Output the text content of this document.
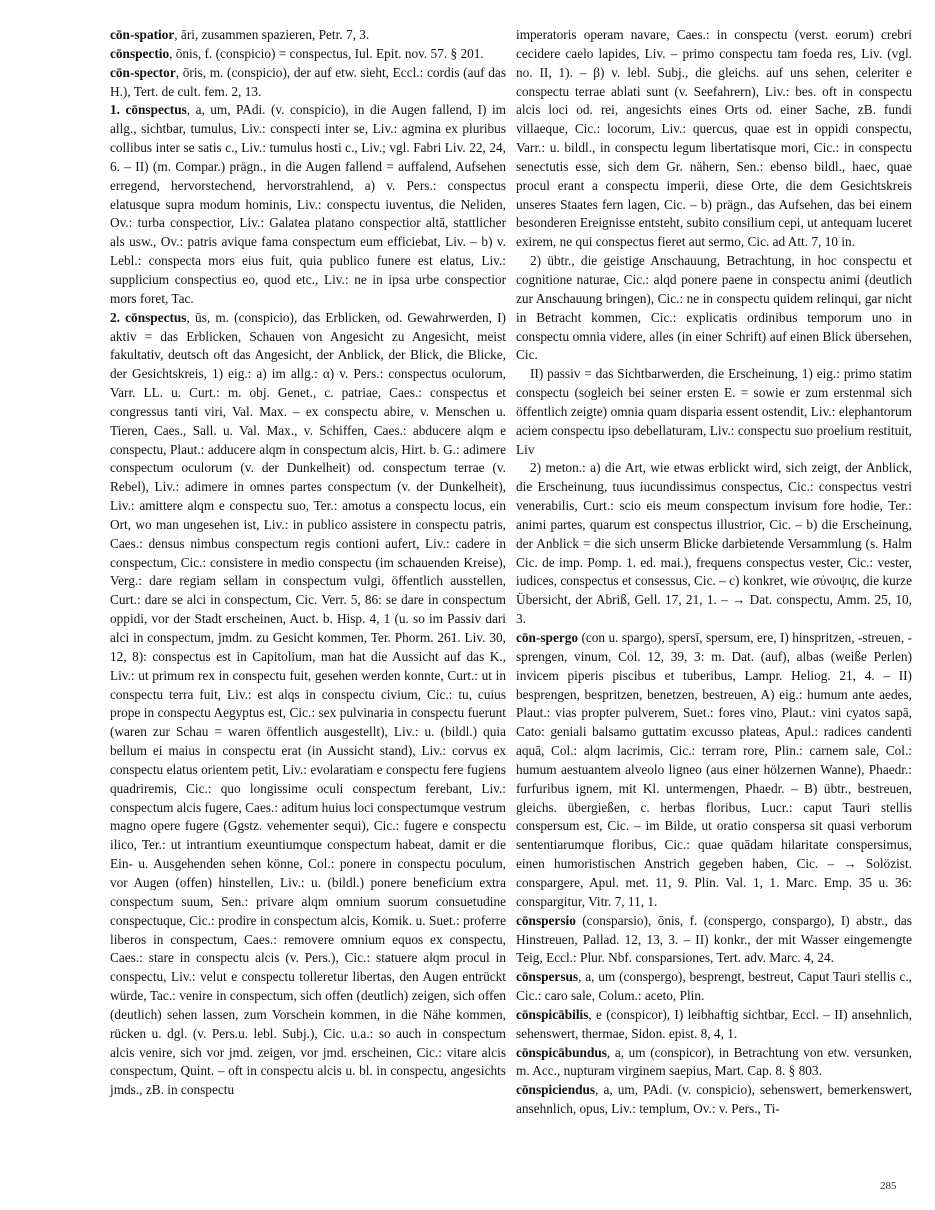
cōn-spatior, āri, zusammen spazieren, Petr. 7, 3.

cōnspectio, ōnis, f. (conspicio) = conspectus, Iul. Epit. nov. 57. § 201.

cōn-spector, ōris, m. (conspicio), der auf etw. sieht, Eccl.: cordis (auf das H.), Tert. de cult. fem. 2, 13.

1. cōnspectus, a, um, PAdi. (v. conspicio), in die Augen fallend, I) im allg., sichtbar, tumulus, Liv.: conspecti inter se, Liv.: agmina ex pluribus collibus inter se satis c., Liv.: tumulus hosti c., Liv.; vgl. Fabri Liv. 22, 24, 6. – II) (m. Compar.) prägn., in die Augen fallend = auffalend, Aufsehen erregend, hervorstechend, hervorstrahlend, a) v. Pers.: conspectus elatusque supra modum hominis, Liv.: conspectu iuventus, die Neliden, Ov.: turba conspectior, Liv.: Galatea platano conspectior altā, stattlicher als usw., Ov.: patris avique fama conspectum eum efficiebat, Liv. – b) v. Lebl.: conspecta mors eius fuit, quia publico funere est elatus, Liv.: supplicium conspectius eo, quod etc., Liv.: ne in ipsa urbe conspectior mors foret, Tac.

2. cōnspectus, ūs, m. (conspicio), das Erblicken, od. Gewahrwerden, I) aktiv = das Erblicken, Schauen von Angesicht zu Angesicht, meist fakultativ, deutsch oft das Angesicht, der Anblick, der Blick, die Blicke, der Gesichtskreis, 1) eig.: a) im allg.: α) v. Pers.: conspectus oculorum, Varr. LL. u. Curt.: m. obj. Genet., c. patriae, Caes.: conspectus et congressus tanti viri, Val. Max. – ex conspectu abire, v. Menschen u. Tieren, Caes., Sall. u. Val. Max., v. Schiffen, Caes.: abducere alqm e conspectu, Plaut.: adducere alqm in conspectum alcis, Hirt. b. G.: adimere conspectum oculorum (v. der Dunkelheit) od. conspectum terrae (v. Rebel), Liv.: adimere in omnes partes conspectum (v. der Dunkelheit), Liv.: amittere alqm e conspectu suo, Ter.: amotus a conspectu locus, ein Ort, wo man ungesehen ist, Liv.: in publico assistere in conspectu patris, Caes.: densus nimbus conspectum regis contioni aufert, Liv.: cadere in conspectum, Cic.: consistere in medio conspectu (im schauenden Kreise), Verg.: dare regiam sellam in conspectum vulgi, öffentlich ausstellen, Curt.: dare se alci in conspectum, Cic. Verr. 5, 86: se dare in conspectum oppidi, vor der Stadt erscheinen, Auct. b. Hisp. 4, 1 (u. so im Passiv dari alci in conspectum, jmdm. zu Gesicht kommen, Ter. Phorm. 261. Liv. 30, 12, 8): conspectus est in Capitolium, man hat die Aussicht auf das K., Liv.: ut primum rex in conspectu fuit, gesehen werden konnte, Curt.: ut in conspectu terra fuit, Liv.: est alqs in conspectu civium, Cic.: tu, cuius prope in conspectu Aegyptus est, Cic.: sex pulvinaria in conspectu fuerunt (waren zur Schau = waren öffentlich ausgestellt), Liv.: u. (bildl.) quia bellum ei maius in conspectu erat (in Aussicht stand), Liv.: corvus ex conspectu elatus orientem petit, Liv.: evolaratiam e conspectu fere fugiens quadriremis, Cic.: quo longissime oculi conspectum ferebant, Liv.: conspectum alcis fugere, Caes.: aditum huius loci conspectumque vestrum magno opere fugere (Ggstz. vehementer sequi), Cic.: fugere e conspectu ilico, Ter.: ut intrantium exeuntiumque conspectum habeat, damit er die Ein- u. Ausgehenden sehen könne, Col.: ponere in conspectu poculum, vor Augen (offen) hinstellen, Liv.: u. (bildl.) ponere beneficium extra conspectum suum, Sen.: privare alqm omnium suorum consuetudine conspectuque, Cic.: prodire in conspectum alcis, Komik. u. Suet.: proferre liberos in conspectum, Caes.: removere omnium equos ex conspectu, Caes.: stare in conspectu alcis (v. Pers.), Cic.: statuere alqm procul in conspectu, Liv.: velut e conspectu tolleretur libertas, den Augen entrückt würde, Tac.: venire in conspectum, sich offen (deutlich) zeigen, sich offen (deutlich) sehen lassen, zum Vorschein kommen, in die Nähe kommen, rücken u. dgl. (v. Pers.u. lebl. Subj.), Cic. u.a.: so auch in conspectum alcis venire, sich vor jmd. zeigen, vor jmd. erscheinen, Cic.: vitare alcis conspectum, Quint. – oft in conspectu alcis u. bl. in conspectu, angesichts jmds., zB. in conspectu

imperatoris operam navare, Caes.: in conspectu (verst. eorum) crebri cecidere caelo lapides, Liv. – primo conspectu tam foeda res, Liv. (vgl. no. II, 1). – β) v. lebl. Subj., die gleichs. auf uns sehen, celeriter e conspectu terrae ablati sunt (v. Seefahrern), Liv.: bes. oft in conspectu alcis loci od. rei, angesichts eines Orts od. einer Sache, zB. fundi villaeque, Cic.: locorum, Liv.: quercus, quae est in oppidi conspectu, Varr.: u. bildl., in conspectu legum libertatisque mori, Cic.: in conspectu senectutis esse, sich dem Gr. nähern, Sen.: ebenso bildl., haec, quae procul erant a conspectu imperii, diese Orte, die dem Gesichtskreis unseres Staates fern lagen, Cic. – b) prägn., das Aufsehen, das bei einem besonderen Ereignisse entsteht, subito consilium cepi, ut antequam luceret exirem, ne qui conspectus fieret aut sermo, Cic. ad Att. 7, 10 in.

2) übtr., die geistige Anschauung, Betrachtung, in hoc conspectu et cognitione naturae, Cic.: alqd ponere paene in conspectu animi (deutlich zur Anschauung bringen), Cic.: ne in conspectu quidem relinqui, gar nicht in Betracht kommen, Cic.: explicatis ordinibus temporum uno in conspectu omnia videre, alles (in einer Schrift) auf einen Blick übersehen, Cic.

II) passiv = das Sichtbarwerden, die Erscheinung, 1) eig.: primo statim conspectu (sogleich bei seiner ersten E. = sowie er zum erstenmal sich öffentlich zeigte) omnia quam disparia essent ostendit, Liv.: elephantorum aciem conspectu ipso debellaturam, Liv.: conspectu suo proelium restituit, Liv

2) meton.: a) die Art, wie etwas erblickt wird, sich zeigt, der Anblick, die Erscheinung, tuus iucundissimus conspectus, Cic.: conspectus vestri venerabilis, Curt.: scio eis meum conspectum invisum fore hodie, Ter.: animi partes, quarum est conspectus illustrior, Cic. – b) die Erscheinung, der Anblick = die sich unserm Blicke darbietende Versammlung (s. Halm Cic. de imp. Pomp. 1. ed. mai.), frequens conspectus vester, Cic.: vester, iudices, conspectus et consessus, Cic. – c) konkret, wie σύνοψις, die kurze Übersicht, der Abriß, Gell. 17, 21, 1. – → Dat. conspectu, Amm. 25, 10, 3.

cōn-spergo (con u. spargo), spersī, spersum, ere, I) hinspritzen, -streuen, -sprengen, vinum, Col. 12, 39, 3: m. Dat. (auf), albas (weiße Perlen) invicem piperis piscibus et tuberibus, Lampr. Heliog. 21, 4. – II) besprengen, bespritzen, benetzen, bestreuen, A) eig.: humum ante aedes, Plaut.: vias propter pulverem, Suet.: fores vino, Plaut.: vini cyatos sapā, Cato: geniali balsamo guttatim excusso plateas, Apul.: radices candenti aquā, Col.: alqm lacrimis, Cic.: terram rore, Plin.: carnem sale, Col.: humum aestuantem alveolo ligneo (aus einer hölzernen Wanne), Phaedr.: furfuribus ignem, mit Kl. untermengen, Phaedr. – B) übtr., bestreuen, gleichs. übergießen, c. herbas floribus, Lucr.: caput Tauri stellis conspersum est, Cic. – im Bilde, ut oratio conspersa sit quasi verborum sententiarumque floribus, Cic.: quae quādam hilaritate conspersimus, einen humoristischen Anstrich gegeben haben, Cic. – → Solözist. conspargere, Apul. met. 11, 9. Plin. Val. 1, 1. Marc. Emp. 35 u. 36: conspargitur, Vitr. 7, 11, 1.

cōnspersio (consparsio), ōnis, f. (conspergo, conspargo), I) abstr., das Hinstreuen, Pallad. 12, 13, 3. – II) konkr., der mit Wasser eingemengte Teig, Eccl.: Plur. Nbf. consparsiones, Tert. adv. Marc. 4, 24.

cōnspersus, a, um (conspergo), besprengt, bestreut, Caput Tauri stellis c., Cic.: caro sale, Colum.: aceto, Plin.

cōnspicābilis, e (conspicor), I) leibhaftig sichtbar, Eccl. – II) ansehnlich, sehenswert, thermae, Sidon. epist. 8, 4, 1.

cōnspicābundus, a, um (conspicor), in Betrachtung von etw. versunken, m. Acc., nupturam virginem saepius, Mart. Cap. 8. § 803.

cōnspiciendus, a, um, PAdi. (v. conspicio), sehenswert, bemerkenswert, ansehnlich, opus, Liv.: templum, Ov.: v. Pers., Ti-

285
